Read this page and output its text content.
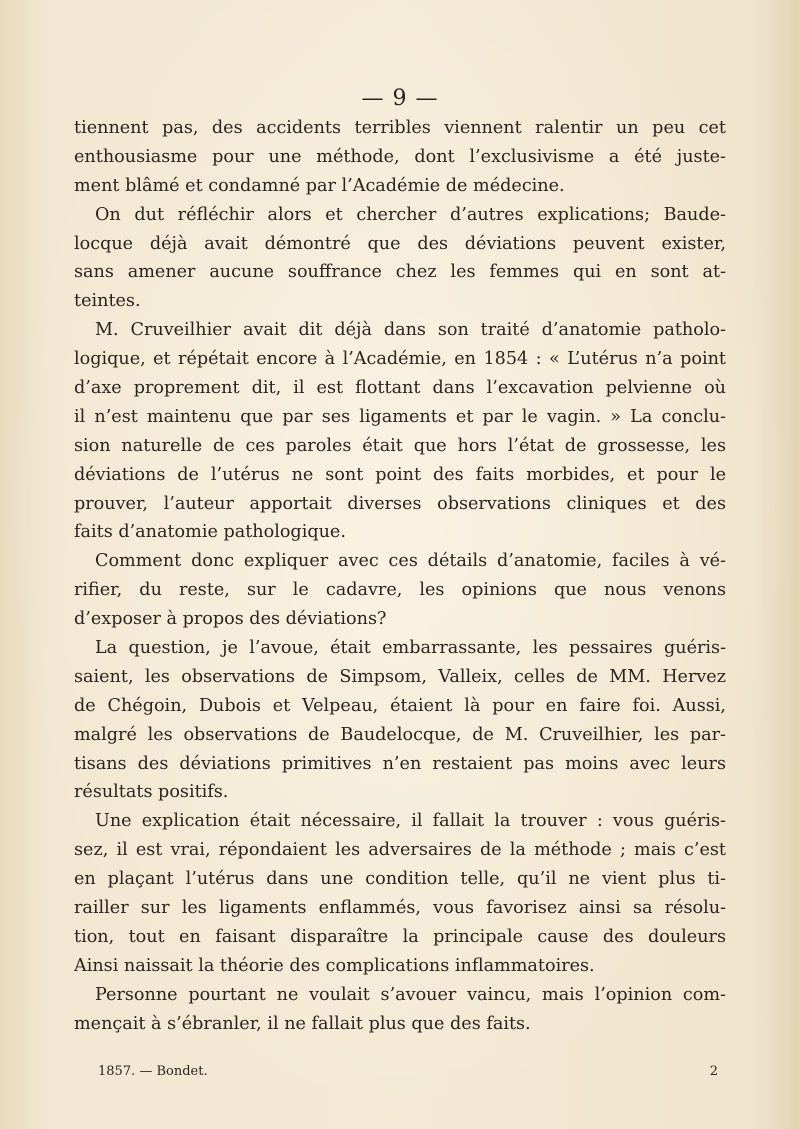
— 9 —
tiennent pas, des accidents terribles viennent ralentir un peu cet
enthousiasme pour une méthode, dont l’exclusivisme a été juste-
ment blâmé et condamné par l’Académie de médecine.
On dut réfléchir alors et chercher d’autres explications; Baude-
locque déjà avait démontré que des déviations peuvent exister,
sans amener aucune souffrance chez les femmes qui en sont at-
teintes.
M. Cruveilhier avait dit déjà dans son traité d’anatomie patholo-
logique, et répétait encore à l’Académie, en 1854 : « L’utérus n’a point
d’axe proprement dit, il est flottant dans l’excavation pelvienne où
il n’est maintenu que par ses ligaments et par le vagin. » La conclu-
sion naturelle de ces paroles était que hors l’état de grossesse, les
déviations de l’utérus ne sont point des faits morbides, et pour le
prouver, l’auteur apportait diverses observations cliniques et des
faits d’anatomie pathologique.
Comment donc expliquer avec ces détails d’anatomie, faciles à vé-
rifier, du reste, sur le cadavre, les opinions que nous venons
d’exposer à propos des déviations?
La question, je l’avoue, était embarrassante, les pessaires guéris-
saient, les observations de Simpsom, Valleix, celles de MM. Hervez
de Chégoin, Dubois et Velpeau, étaient là pour en faire foi. Aussi,
malgré les observations de Baudelocque, de M. Cruveilhier, les par-
tisans des déviations primitives n’en restaient pas moins avec leurs
résultats positifs.
Une explication était nécessaire, il fallait la trouver : vous guéris-
sez, il est vrai, répondaient les adversaires de la méthode ; mais c’est
en plaçant l’utérus dans une condition telle, qu’il ne vient plus ti-
railler sur les ligaments enflammés, vous favorisez ainsi sa résolu-
tion, tout en faisant disparaître la principale cause des douleurs
Ainsi naissait la théorie des complications inflammatoires.
Personne pourtant ne voulait s’avouer vaincu, mais l’opinion com-
mençait à s’ébranler, il ne fallait plus que des faits.
1857. — Bondet.	2
